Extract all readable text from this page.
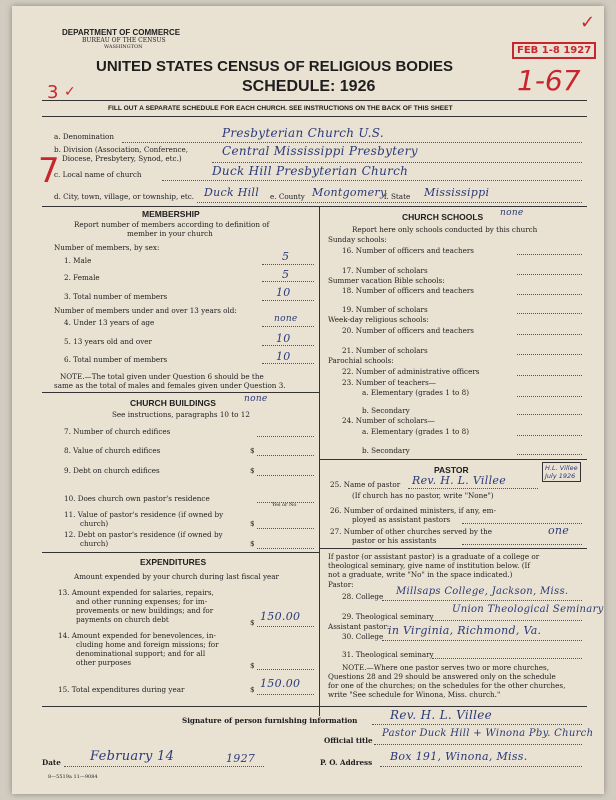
DEPARTMENT OF COMMERCE
BUREAU OF THE CENSUS
WASHINGTON
UNITED STATES CENSUS OF RELIGIOUS BODIES
SCHEDULE: 1926
FILL OUT A SEPARATE SCHEDULE FOR EACH CHURCH. SEE INSTRUCTIONS ON THE BACK OF THIS SHEET
3 ✓
FEB 1-8 1927
1-67
✓
7
a. Denomination	Presbyterian Church U.S.
b. Division (Association, Conference,
Diocese, Presbytery, Synod, etc.)
Central Mississippi Presbytery
c. Local name of church	Duck Hill Presbyterian Church
d. City, town, village, or township, etc. Duck Hill e. County Montgomery
f. State Mississippi
MEMBERSHIP
Report number of members according to definition of
member in your church
Number of members, by sex:
1. Male	5
2. Female	5
3. Total number of members	10
Number of members under and over 13 years old:
4. Under 13 years of age	none
5. 13 years old and over	10
6. Total number of members	10
NOTE.—The total given under Question 6 should be the
same as the total of males and females given under Question 3.
CHURCH BUILDINGS	none
See instructions, paragraphs 10 to 12
7. Number of church edifices
8. Value of church edifices	$
9. Debt on church edifices	$
10. Does church own pastor's residence
Yes or No
11. Value of pastor's residence (if owned by
church)	$
12. Debt on pastor's residence (if owned by
church)	$
EXPENDITURES
Amount expended by your church during last fiscal year
13. Amount expended for salaries, repairs,
and other running expenses; for im-
provements or new buildings; and for
payments on church debt	$ 150.00
14. Amount expended for benevolences, in-
cluding home and foreign missions; for
denominational support; and for all
other purposes	$
15. Total expenditures during year	$ 150.00
CHURCH SCHOOLS none
Report here only schools conducted by this church
Sunday schools:
16. Number of officers and teachers
17. Number of scholars
Summer vacation Bible schools:
18. Number of officers and teachers
19. Number of scholars
Week-day religious schools:
20. Number of officers and teachers
21. Number of scholars
Parochial schools:
22. Number of administrative officers
23. Number of teachers—
a. Elementary (grades 1 to 8)
b. Secondary
24. Number of scholars—
a. Elementary (grades 1 to 8)
b. Secondary
PASTOR	H.L. Villee
July 1926
25. Name of pastor Rev. H. L. Villee
(If church has no pastor, write "None")
26. Number of ordained ministers, if any, em-
ployed as assistant pastors
27. Number of other churches served by the
pastor or his assistants
one
If pastor (or assistant pastor) is a graduate of a college or
theological seminary, give name of institution below. (If
not a graduate, write "No" in the space indicated.)
Pastor:
28. College Millsaps College, Jackson, Miss.
29. Theological seminary
Union Theological Seminary
Assistant pastor:
30. College in Virginia, Richmond, Va.
31. Theological seminary
NOTE.—Where one pastor serves two or more churches,
Questions 28 and 29 should be answered only on the schedule
for one of the churches; on the schedules for the other churches,
write "See schedule for Winona, Miss. church."
Signature of person furnishing information	Rev. H. L. Villee
Official title
Pastor Duck Hill + Winona Pby. Church
Date February 14	1927
8—5519a 11—9084
P. O. Address Box 191, Winona, Miss.
